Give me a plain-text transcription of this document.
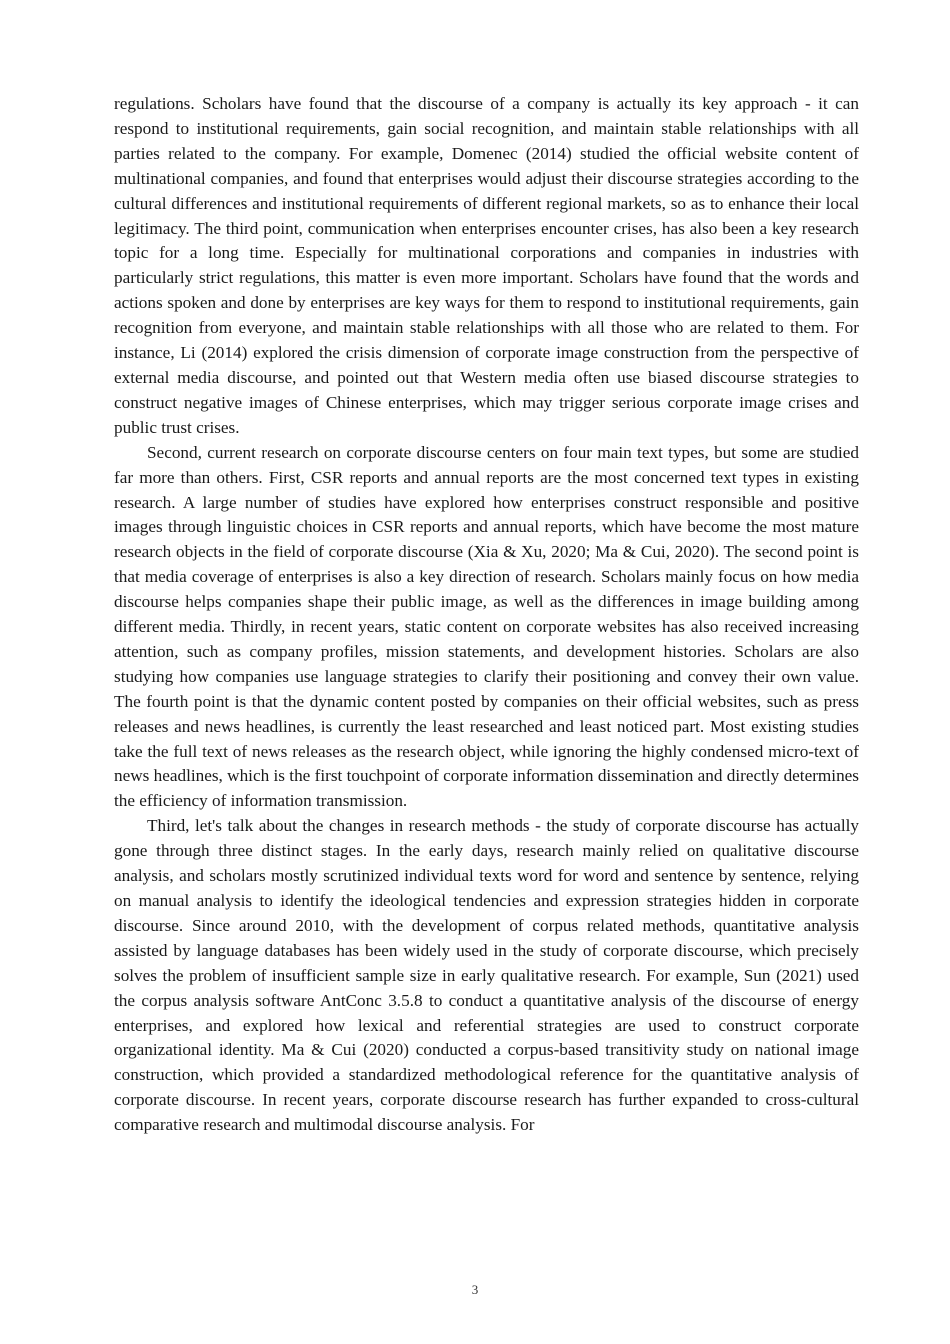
regulations. Scholars have found that the discourse of a company is actually its key approach - it can respond to institutional requirements, gain social recognition, and maintain stable relationships with all parties related to the company. For example, Domenec (2014) studied the official website content of multinational companies, and found that enterprises would adjust their discourse strategies according to the cultural differences and institutional requirements of different regional markets, so as to enhance their local legitimacy. The third point, communication when enterprises encounter crises, has also been a key research topic for a long time. Especially for multinational corporations and companies in industries with particularly strict regulations, this matter is even more important. Scholars have found that the words and actions spoken and done by enterprises are key ways for them to respond to institutional requirements, gain recognition from everyone, and maintain stable relationships with all those who are related to them. For instance, Li (2014) explored the crisis dimension of corporate image construction from the perspective of external media discourse, and pointed out that Western media often use biased discourse strategies to construct negative images of Chinese enterprises, which may trigger serious corporate image crises and public trust crises.

Second, current research on corporate discourse centers on four main text types, but some are studied far more than others. First, CSR reports and annual reports are the most concerned text types in existing research. A large number of studies have explored how enterprises construct responsible and positive images through linguistic choices in CSR reports and annual reports, which have become the most mature research objects in the field of corporate discourse (Xia & Xu, 2020; Ma & Cui, 2020). The second point is that media coverage of enterprises is also a key direction of research. Scholars mainly focus on how media discourse helps companies shape their public image, as well as the differences in image building among different media. Thirdly, in recent years, static content on corporate websites has also received increasing attention, such as company profiles, mission statements, and development histories. Scholars are also studying how companies use language strategies to clarify their positioning and convey their own value. The fourth point is that the dynamic content posted by companies on their official websites, such as press releases and news headlines, is currently the least researched and least noticed part. Most existing studies take the full text of news releases as the research object, while ignoring the highly condensed micro-text of news headlines, which is the first touchpoint of corporate information dissemination and directly determines the efficiency of information transmission.

Third, let's talk about the changes in research methods - the study of corporate discourse has actually gone through three distinct stages. In the early days, research mainly relied on qualitative discourse analysis, and scholars mostly scrutinized individual texts word for word and sentence by sentence, relying on manual analysis to identify the ideological tendencies and expression strategies hidden in corporate discourse. Since around 2010, with the development of corpus related methods, quantitative analysis assisted by language databases has been widely used in the study of corporate discourse, which precisely solves the problem of insufficient sample size in early qualitative research. For example, Sun (2021) used the corpus analysis software AntConc 3.5.8 to conduct a quantitative analysis of the discourse of energy enterprises, and explored how lexical and referential strategies are used to construct corporate organizational identity. Ma & Cui (2020) conducted a corpus-based transitivity study on national image construction, which provided a standardized methodological reference for the quantitative analysis of corporate discourse. In recent years, corporate discourse research has further expanded to cross-cultural comparative research and multimodal discourse analysis. For

3
